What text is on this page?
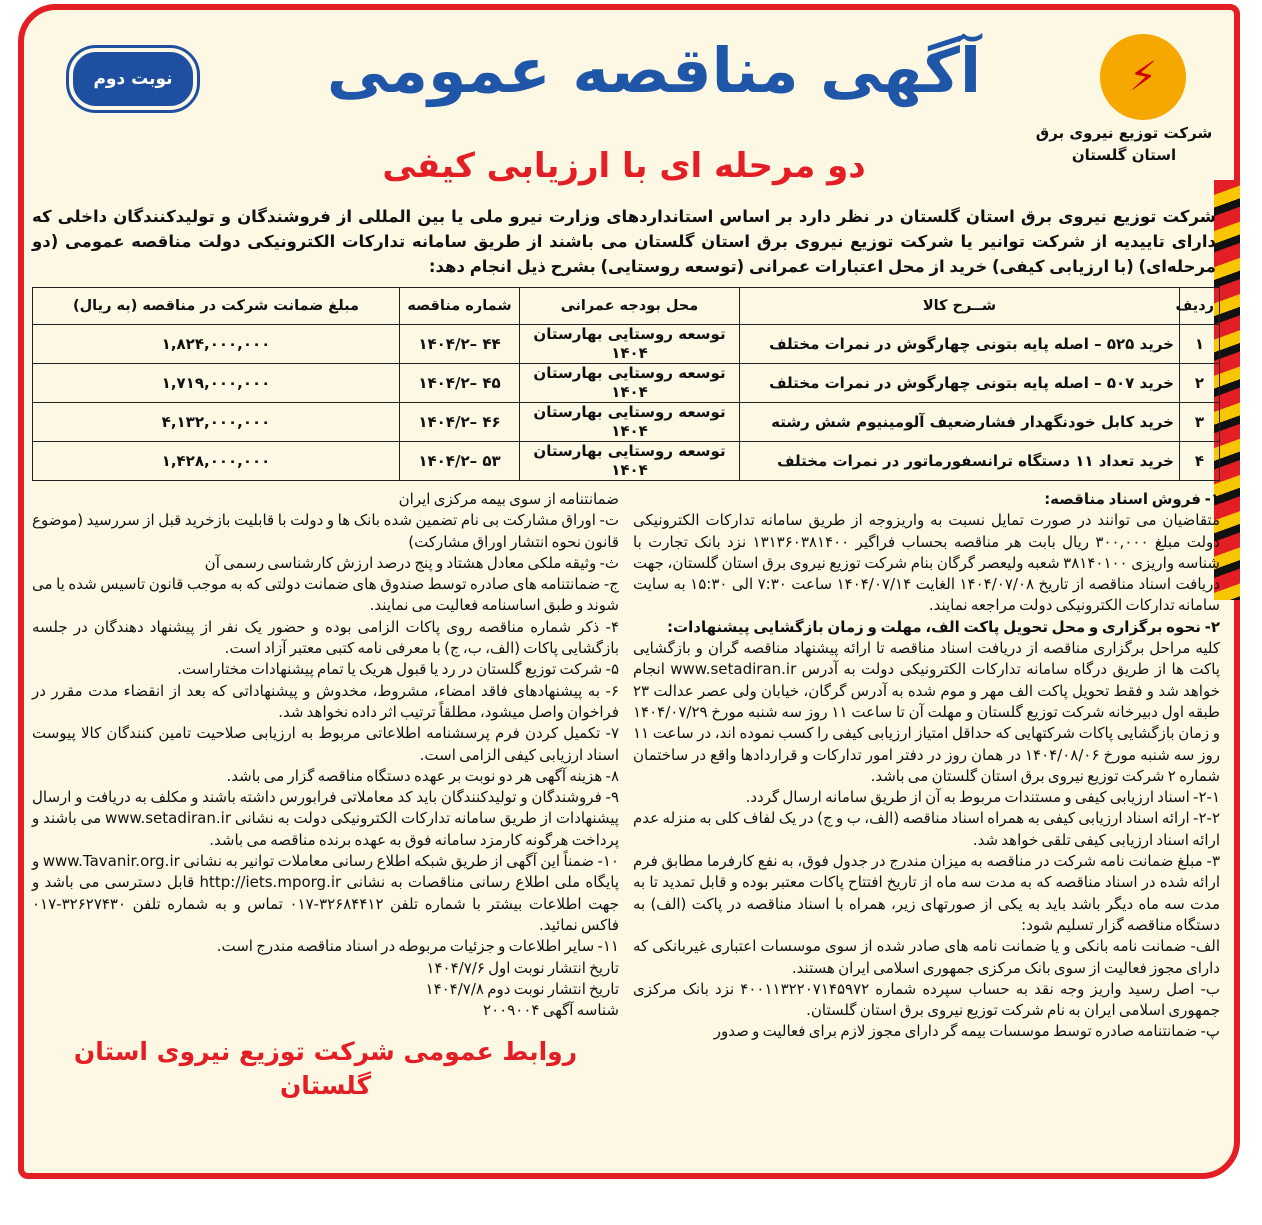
⚡
شرکت توزیع نیروی برق
استان گلستان
نوبت دوم	آگهی مناقصه عمومی
دو مرحله ای با ارزیابی کیفی
شرکت توزیع نیروی برق استان گلستان در نظر دارد بر اساس استانداردهای وزارت نیرو ملی یا بین المللی از فروشندگان و تولیدکنندگان داخلی که دارای تاییدیه از شرکت توانیر یا شرکت توزیع نیروی برق استان گلستان می باشند از طریق سامانه تدارکات الکترونیکی دولت مناقصه عمومی (دو مرحله‌ای) (با ارزیابی کیفی) خرید از محل اعتبارات عمرانی (توسعه روستایی) بشرح ذیل انجام دهد:
ردیف	شــرح کالا	محل بودجه عمرانی	شماره مناقصه	مبلغ ضمانت شرکت در مناقصه (به ریال)
۱	خرید ۵۲۵ – اصله پایه بتونی چهارگوش در نمرات مختلف	توسعه روستایی بهارستان ۱۴۰۴	۴۴ –۱۴۰۴/۲	۱,۸۲۴,۰۰۰,۰۰۰
۲	خرید ۵۰۷ – اصله پایه بتونی چهارگوش در نمرات مختلف	توسعه روستایی بهارستان ۱۴۰۴	۴۵ –۱۴۰۴/۲	۱,۷۱۹,۰۰۰,۰۰۰
۳	خرید کابل خودنگهدار فشارضعیف آلومینیوم شش رشته	توسعه روستایی بهارستان ۱۴۰۴	۴۶ –۱۴۰۴/۲	۴,۱۳۲,۰۰۰,۰۰۰
۴	خرید تعداد ۱۱ دستگاه ترانسفورماتور در نمرات مختلف	توسعه روستایی بهارستان ۱۴۰۴	۵۳ –۱۴۰۴/۲	۱,۴۲۸,۰۰۰,۰۰۰

۱- فروش اسناد مناقصه:

متقاضیان می توانند در صورت تمایل نسبت به واریزوجه از طریق سامانه تدارکات الکترونیکی دولت مبلغ ۳۰۰,۰۰۰ ریال بابت هر مناقصه بحساب فراگیر ۱۳۱۳۶۰۳۸۱۴۰۰ نزد بانک تجارت با شناسه واریزی ۳۸۱۴۰۱۰۰ شعبه ولیعصر گرگان بنام شرکت توزیع نیروی برق استان گلستان، جهت دریافت اسناد مناقصه از تاریخ ۱۴۰۴/۰۷/۰۸ الغایت ۱۴۰۴/۰۷/۱۴ ساعت ۷:۳۰ الی ۱۵:۳۰ به سایت سامانه تدارکات الکترونیکی دولت مراجعه نمایند.

۲- نحوه برگزاری و محل تحویل پاکت الف، مهلت و زمان بازگشایی پیشنهادات:

کلیه مراحل برگزاری مناقصه از دریافت اسناد مناقصه تا ارائه پیشنهاد مناقصه گران و بازگشایی پاکت ها از طریق درگاه سامانه تدارکات الکترونیکی دولت به آدرس www.setadiran.ir انجام خواهد شد و فقط تحویل پاکت الف مهر و موم شده به آدرس گرگان، خیابان ولی عصر عدالت ۲۳ طبقه اول دبیرخانه شرکت توزیع گلستان و مهلت آن تا ساعت ۱۱ روز سه شنبه مورخ ۱۴۰۴/۰۷/۲۹ و زمان بازگشایی پاکات شرکتهایی که حداقل امتیاز ارزیابی کیفی را کسب نموده اند، در ساعت ۱۱ روز سه شنبه مورخ ۱۴۰۴/۰۸/۰۶ در همان روز در دفتر امور تدارکات و قراردادها واقع در ساختمان شماره ۲ شرکت توزیع نیروی برق استان گلستان می باشد.

۲-۱- اسناد ارزیابی کیفی و مستندات مربوط به آن از طریق سامانه ارسال گردد.

۲-۲- ارائه اسناد ارزیابی کیفی به همراه اسناد مناقصه (الف، ب و ج) در یک لفاف کلی به منزله عدم ارائه اسناد ارزیابی کیفی تلقی خواهد شد.

۳- مبلغ ضمانت نامه شرکت در مناقصه به میزان مندرج در جدول فوق، به نفع کارفرما مطابق فرم ارائه شده در اسناد مناقصه که به مدت سه ماه از تاریخ افتتاح پاکات معتبر بوده و قابل تمدید تا به مدت سه ماه دیگر باشد باید به یکی از صورتهای زیر، همراه با اسناد مناقصه در پاکت (الف) به دستگاه مناقصه گزار تسلیم شود:

الف- ضمانت نامه بانکی و یا ضمانت نامه های صادر شده از سوی موسسات اعتباری غیربانکی که دارای مجوز فعالیت از سوی بانک مرکزی جمهوری اسلامی ایران هستند.

ب- اصل رسید واریز وجه نقد به حساب سپرده شماره ۴۰۰۱۱۳۲۲۰۷۱۴۵۹۷۲ نزد بانک مرکزی جمهوری اسلامی ایران به نام شرکت توزیع نیروی برق استان گلستان.

پ- ضمانتنامه صادره توسط موسسات بیمه گر دارای مجوز لازم برای فعالیت و صدور

ضمانتنامه از سوی بیمه مرکزی ایران

ت- اوراق مشارکت بی نام تضمین شده بانک ها و دولت با قابلیت بازخرید قبل از سررسید (موضوع قانون نحوه انتشار اوراق مشارکت)

ث- وثیقه ملکی معادل هشتاد و پنج درصد ارزش کارشناسی رسمی آن

ج- ضمانتنامه های صادره توسط صندوق های ضمانت دولتی که به موجب قانون تاسیس شده یا می شوند و طبق اساسنامه فعالیت می نمایند.

۴- ذکر شماره مناقصه روی پاکات الزامی بوده و حضور یک نفر از پیشنهاد دهندگان در جلسه بازگشایی پاکات (الف، ب، ج) با معرفی نامه کتبی معتبر آزاد است.

۵- شرکت توزیع گلستان در رد یا قبول هریک یا تمام پیشنهادات مختاراست.

۶- به پیشنهادهای فاقد امضاء، مشروط، مخدوش و پیشنهاداتی که بعد از انقضاء مدت مقرر در فراخوان واصل میشود، مطلقاً ترتیب اثر داده نخواهد شد.

۷- تکمیل کردن فرم پرسشنامه اطلاعاتی مربوط به ارزیابی صلاحیت تامین کنندگان کالا پیوست اسناد ارزیابی کیفی الزامی است.

۸- هزینه آگهی هر دو نوبت بر عهده دستگاه مناقصه گزار می باشد.

۹- فروشندگان و تولیدکنندگان باید کد معاملاتی فرابورس داشته باشند و مکلف به دریافت و ارسال پیشنهادات از طریق سامانه تدارکات الکترونیکی دولت به نشانی www.setadiran.ir می باشند و پرداخت هرگونه کارمزد سامانه فوق به عهده برنده مناقصه می باشد.

۱۰- ضمناً این آگهی از طریق شبکه اطلاع رسانی معاملات توانیر به نشانی www.Tavanir.org.ir و پایگاه ملی اطلاع رسانی مناقصات به نشانی http://iets.mporg.ir قابل دسترسی می باشد و جهت اطلاعات بیشتر با شماره تلفن ۳۲۶۸۴۴۱۲-۰۱۷ تماس و به شماره تلفن ۳۲۶۲۷۴۳۰-۰۱۷ فاکس نمائید.

۱۱- سایر اطلاعات و جزئیات مربوطه در اسناد مناقصه مندرج است.

تاریخ انتشار نوبت اول ۱۴۰۴/۷/۶

تاریخ انتشار نوبت دوم ۱۴۰۴/۷/۸

شناسه آگهی ۲۰۰۹۰۰۴

روابط عمومی شرکت توزیع نیروی استان گلستان
